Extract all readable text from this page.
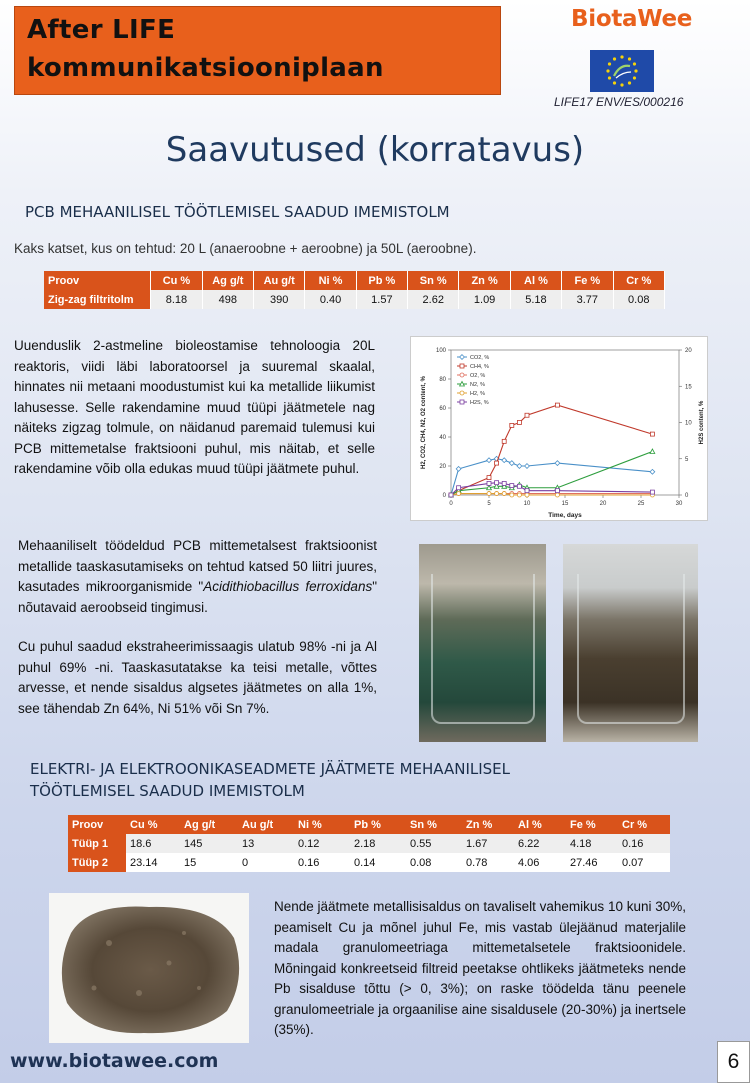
After LIFE
kommunikatsiooniplaan
BiotaWee
LIFE17 ENV/ES/000216
Saavutused (korratavus)
PCB MEHAANILISEL TÖÖTLEMISEL SAADUD IMEMISTOLM
Kaks katset, kus on tehtud: 20 L (anaeroobne + aeroobne) ja 50L (aeroobne).
Proov	Cu %	Ag g/t	Au g/t	Ni %	Pb %	Sn %	Zn %	Al %	Fe %	Cr %
Zig-zag filtritolm	8.18	498	390	0.40	1.57	2.62	1.09	5.18	3.77	0.08
Uuenduslik 2-astmeline bioleostamise tehnoloogia 20L reaktoris, viidi läbi laboratoorsel ja suuremal skaalal, hinnates nii metaani moodustumist kui ka metallide liikumist lahusesse. Selle rakendamine muud tüüpi jäätmetele nag näiteks zigzag tolmule, on näidanud paremaid tulemusi kui PCB mittemetalse fraktsiooni puhul, mis näitab, et selle rakendamine võib olla edukas muud tüüpi jäätmete puhul.
0	5	10	15	20	25	30
0
20
40
60
80
100
0
5
10
15
20
Time, days
H2, CO2, CH4, N2, O2 content, %	H2S content, %
CO2, %
CH4, %
O2, %
N2, %
H2, %
H2S, %
Mehaaniliselt töödeldud PCB mittemetalsest fraktsioonist metallide taaskasutamiseks on tehtud katsed 50 liitri juures, kasutades mikroorganismide "Acidithiobacillus ferroxidans" nõutavaid aeroobseid tingimusi.
Cu puhul saadud ekstraheerimissaagis ulatub 98% -ni ja Al puhul 69% -ni. Taaskasutatakse ka teisi metalle, võttes arvesse, et nende sisaldus algsetes jäätmetes on alla 1%, see tähendab Zn 64%, Ni 51% või Sn 7%.
ELEKTRI- JA ELEKTROONIKASEADMETE JÄÄTMETE MEHAANILISEL
TÖÖTLEMISEL SAADUD IMEMISTOLM
Proov	Cu %	Ag g/t	Au g/t	Ni %	Pb %	Sn %	Zn %	Al %	Fe %	Cr %
Tüüp 1	18.6	145	13	0.12	2.18	0.55	1.67	6.22	4.18	0.16
Tüüp 2	23.14	15	0	0.16	0.14	0.08	0.78	4.06	27.46	0.07
Nende jäätmete metallisisaldus on tavaliselt vahemikus 10 kuni 30%, peamiselt Cu ja mõnel juhul Fe, mis vastab ülejäänud materjalile madala granulomeetriaga mittemetalsetele fraktsioonidele. Mõningaid konkreetseid filtreid peetakse ohtlikeks jäätmeteks nende Pb sisalduse tõttu (> 0, 3%); on raske töödelda tänu peenele granulomeetriale ja orgaanilise aine sisaldusele (20-30%) ja inertsele (35%).
www.biotawee.com	6
